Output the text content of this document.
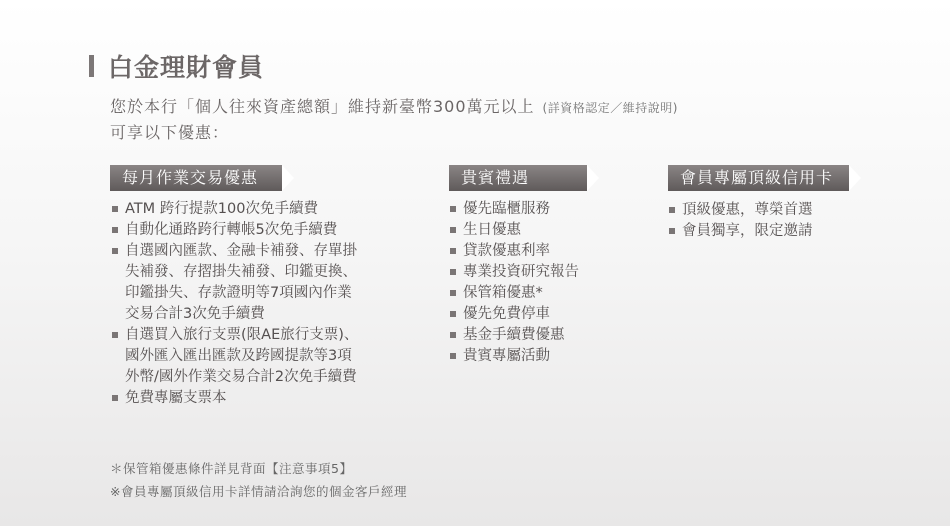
白金理財會員
您於本行「個人往來資產總額」維持新臺幣300萬元以上 (詳資格認定／維持說明)
可享以下優惠：
每月作業交易優惠
ATM 跨行提款100次免手續費
自動化通路跨行轉帳5次免手續費
自選國內匯款、金融卡補發、存單掛
失補發、存摺掛失補發、印鑑更換、
印鑑掛失、存款證明等7項國內作業
交易合計3次免手續費
自選買入旅行支票(限AE旅行支票)、
國外匯入匯出匯款及跨國提款等3項
外幣/國外作業交易合計2次免手續費
免費專屬支票本
貴賓禮遇
優先臨櫃服務
生日優惠
貸款優惠利率
專業投資研究報告
保管箱優惠*
優先免費停車
基金手續費優惠
貴賓專屬活動
會員專屬頂級信用卡
頂級優惠，尊榮首選
會員獨享，限定邀請
＊保管箱優惠條件詳見背面【注意事項5】
※會員專屬頂級信用卡詳情請洽詢您的個金客戶經理
